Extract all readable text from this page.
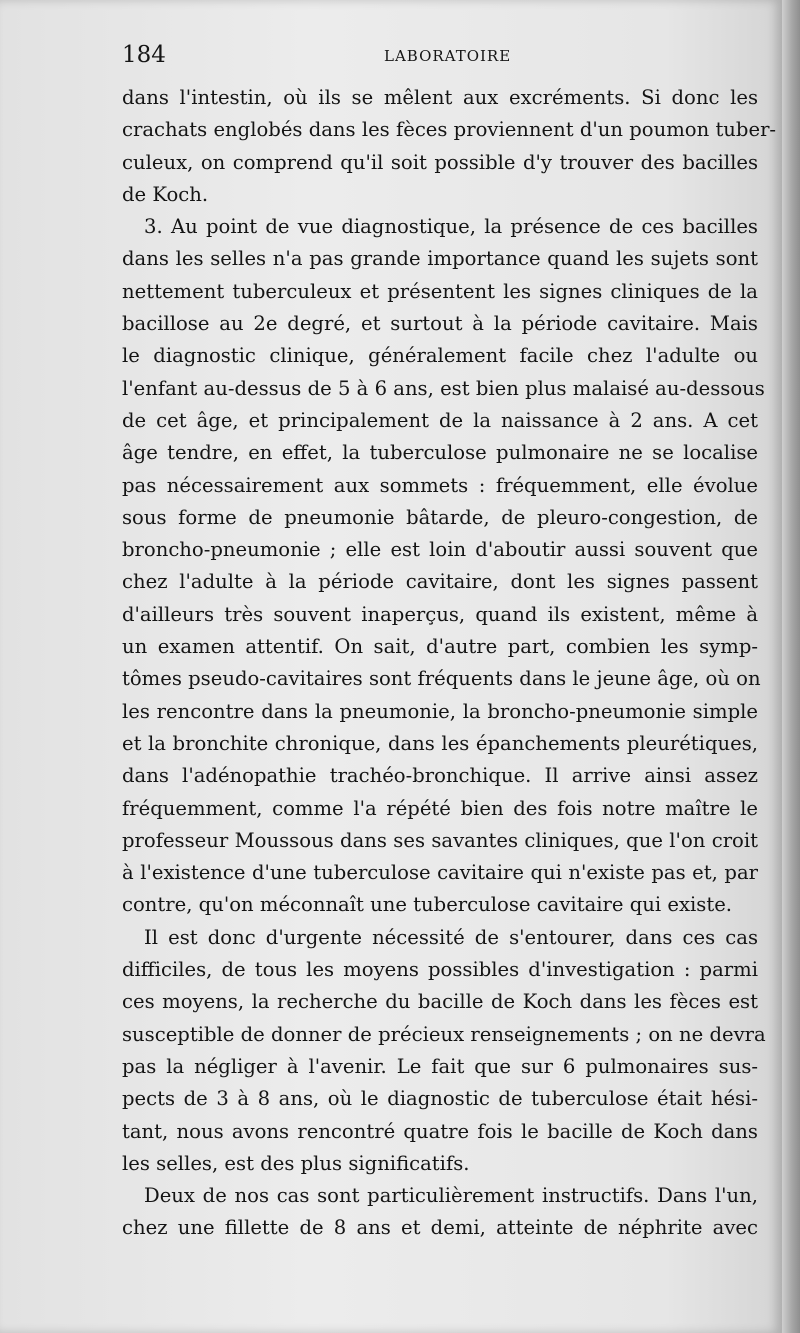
184	LABORATOIRE
dans l'intestin, où ils se mêlent aux excréments. Si donc les
crachats englobés dans les fèces proviennent d'un poumon tuber-
culeux, on comprend qu'il soit possible d'y trouver des bacilles
de Koch.
3. Au point de vue diagnostique, la présence de ces bacilles
dans les selles n'a pas grande importance quand les sujets sont
nettement tuberculeux et présentent les signes cliniques de la
bacillose au 2e degré, et surtout à la période cavitaire. Mais
le diagnostic clinique, généralement facile chez l'adulte ou
l'enfant au-dessus de 5 à 6 ans, est bien plus malaisé au-dessous
de cet âge, et principalement de la naissance à 2 ans. A cet
âge tendre, en effet, la tuberculose pulmonaire ne se localise
pas nécessairement aux sommets : fréquemment, elle évolue
sous forme de pneumonie bâtarde, de pleuro-congestion, de
broncho-pneumonie ; elle est loin d'aboutir aussi souvent que
chez l'adulte à la période cavitaire, dont les signes passent
d'ailleurs très souvent inaperçus, quand ils existent, même à
un examen attentif. On sait, d'autre part, combien les symp-
tômes pseudo-cavitaires sont fréquents dans le jeune âge, où on
les rencontre dans la pneumonie, la broncho-pneumonie simple
et la bronchite chronique, dans les épanchements pleurétiques,
dans l'adénopathie trachéo-bronchique. Il arrive ainsi assez
fréquemment, comme l'a répété bien des fois notre maître le
professeur Moussous dans ses savantes cliniques, que l'on croit
à l'existence d'une tuberculose cavitaire qui n'existe pas et, par
contre, qu'on méconnaît une tuberculose cavitaire qui existe.
Il est donc d'urgente nécessité de s'entourer, dans ces cas
difficiles, de tous les moyens possibles d'investigation : parmi
ces moyens, la recherche du bacille de Koch dans les fèces est
susceptible de donner de précieux renseignements ; on ne devra
pas la négliger à l'avenir. Le fait que sur 6 pulmonaires sus-
pects de 3 à 8 ans, où le diagnostic de tuberculose était hési-
tant, nous avons rencontré quatre fois le bacille de Koch dans
les selles, est des plus significatifs.
Deux de nos cas sont particulièrement instructifs. Dans l'un,
chez une fillette de 8 ans et demi, atteinte de néphrite avec
